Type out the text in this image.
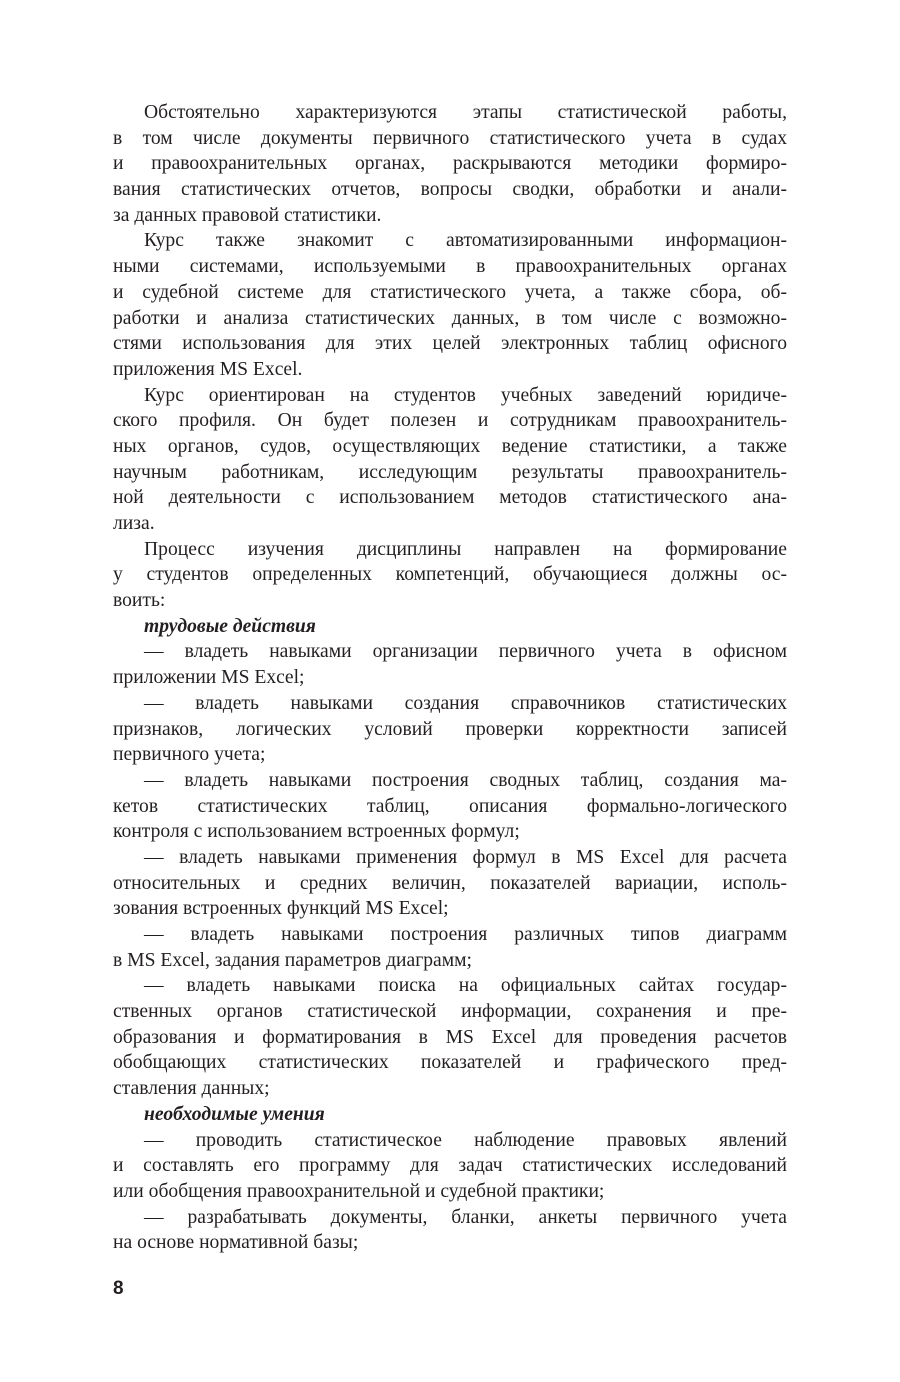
Обстоятельно характеризуются этапы статистической работы,
в том числе документы первичного статистического учета в судах
и правоохранительных органах, раскрываются методики формиро-
вания статистических отчетов, вопросы сводки, обработки и анали-
за данных правовой статистики.
Курс также знакомит с автоматизированными информацион-
ными системами, используемыми в правоохранительных органах
и судебной системе для статистического учета, а также сбора, об-
работки и анализа статистических данных, в том числе с возможно-
стями использования для этих целей электронных таблиц офисного
приложения MS Excel.
Курс ориентирован на студентов учебных заведений юридиче-
ского профиля. Он будет полезен и сотрудникам правоохранитель-
ных органов, судов, осуществляющих ведение статистики, а также
научным работникам, исследующим результаты правоохранитель-
ной деятельности с использованием методов статистического ана-
лиза.
Процесс изучения дисциплины направлен на формирование
у студентов определенных компетенций, обучающиеся должны ос-
воить:
трудовые действия
— владеть навыками организации первичного учета в офисном
приложении MS Excel;
— владеть навыками создания справочников статистических
признаков, логических условий проверки корректности записей
первичного учета;
— владеть навыками построения сводных таблиц, создания ма-
кетов статистических таблиц, описания формально-логического
контроля с использованием встроенных формул;
— владеть навыками применения формул в MS Excel для расчета
относительных и средних величин, показателей вариации, исполь-
зования встроенных функций MS Excel;
— владеть навыками построения различных типов диаграмм
в MS Excel, задания параметров диаграмм;
— владеть навыками поиска на официальных сайтах государ-
ственных органов статистической информации, сохранения и пре-
образования и форматирования в MS Excel для проведения расчетов
обобщающих статистических показателей и графического пред-
ставления данных;
необходимые умения
— проводить статистическое наблюдение правовых явлений
и составлять его программу для задач статистических исследований
или обобщения правоохранительной и судебной практики;
— разрабатывать документы, бланки, анкеты первичного учета
на основе нормативной базы;
8
